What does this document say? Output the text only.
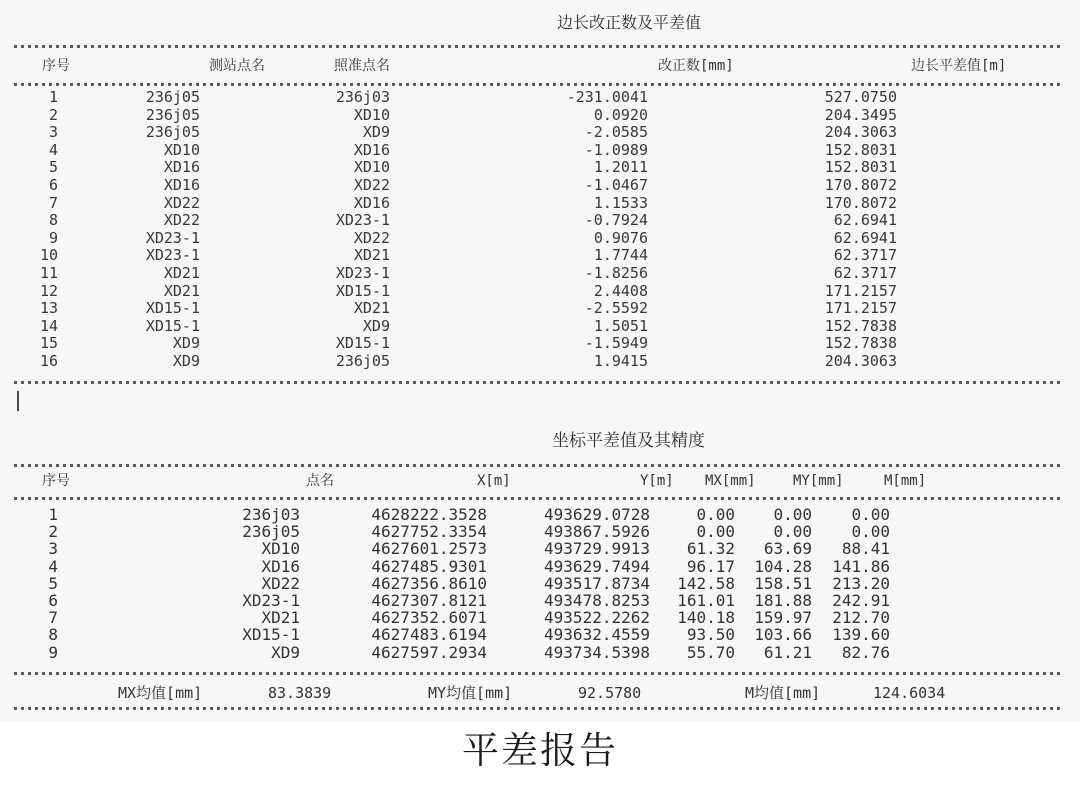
边长改正数及平差值
序号	测站点名	照准点名	改正数[mm]	边长平差值[m]
1	236j05	236j03	-231.0041	527.0750
2	236j05	XD10	0.0920	204.3495
3	236j05	XD9	-2.0585	204.3063
4	XD10	XD16	-1.0989	152.8031
5	XD16	XD10	1.2011	152.8031
6	XD16	XD22	-1.0467	170.8072
7	XD22	XD16	1.1533	170.8072
8	XD22	XD23-1	-0.7924	62.6941
9	XD23-1	XD22	0.9076	62.6941
10	XD23-1	XD21	1.7744	62.3717
11	XD21	XD23-1	-1.8256	62.3717
12	XD21	XD15-1	2.4408	171.2157
13	XD15-1	XD21	-2.5592	171.2157
14	XD15-1	XD9	1.5051	152.7838
15	XD9	XD15-1	-1.5949	152.7838
16	XD9	236j05	1.9415	204.3063
坐标平差值及其精度
序号	点名	X[m]	Y[m] MX[mm]	MY[mm]	M[mm]
1	236j03	4628222.3528	493629.0728	0.00 0.00 0.00
2	236j05	4627752.3354	493867.5926	0.00 0.00 0.00
3	XD10	4627601.2573	493729.9913 61.32 63.69 88.41
4	XD16	4627485.9301	493629.7494 96.17 104.28 141.86
5	XD22	4627356.8610	493517.8734 142.58 158.51 213.20
6	XD23-1	4627307.8121	493478.8253 161.01 181.88 242.91
7	XD21	4627352.6071	493522.2262 140.18 159.97 212.70
8	XD15-1	4627483.6194	493632.4559 93.50 103.66 139.60
9	XD9	4627597.2934	493734.5398 55.70 61.21 82.76
MX均值[mm]	83.3839	MY均值[mm]	92.5780	M均值[mm]	124.6034
平差报告
